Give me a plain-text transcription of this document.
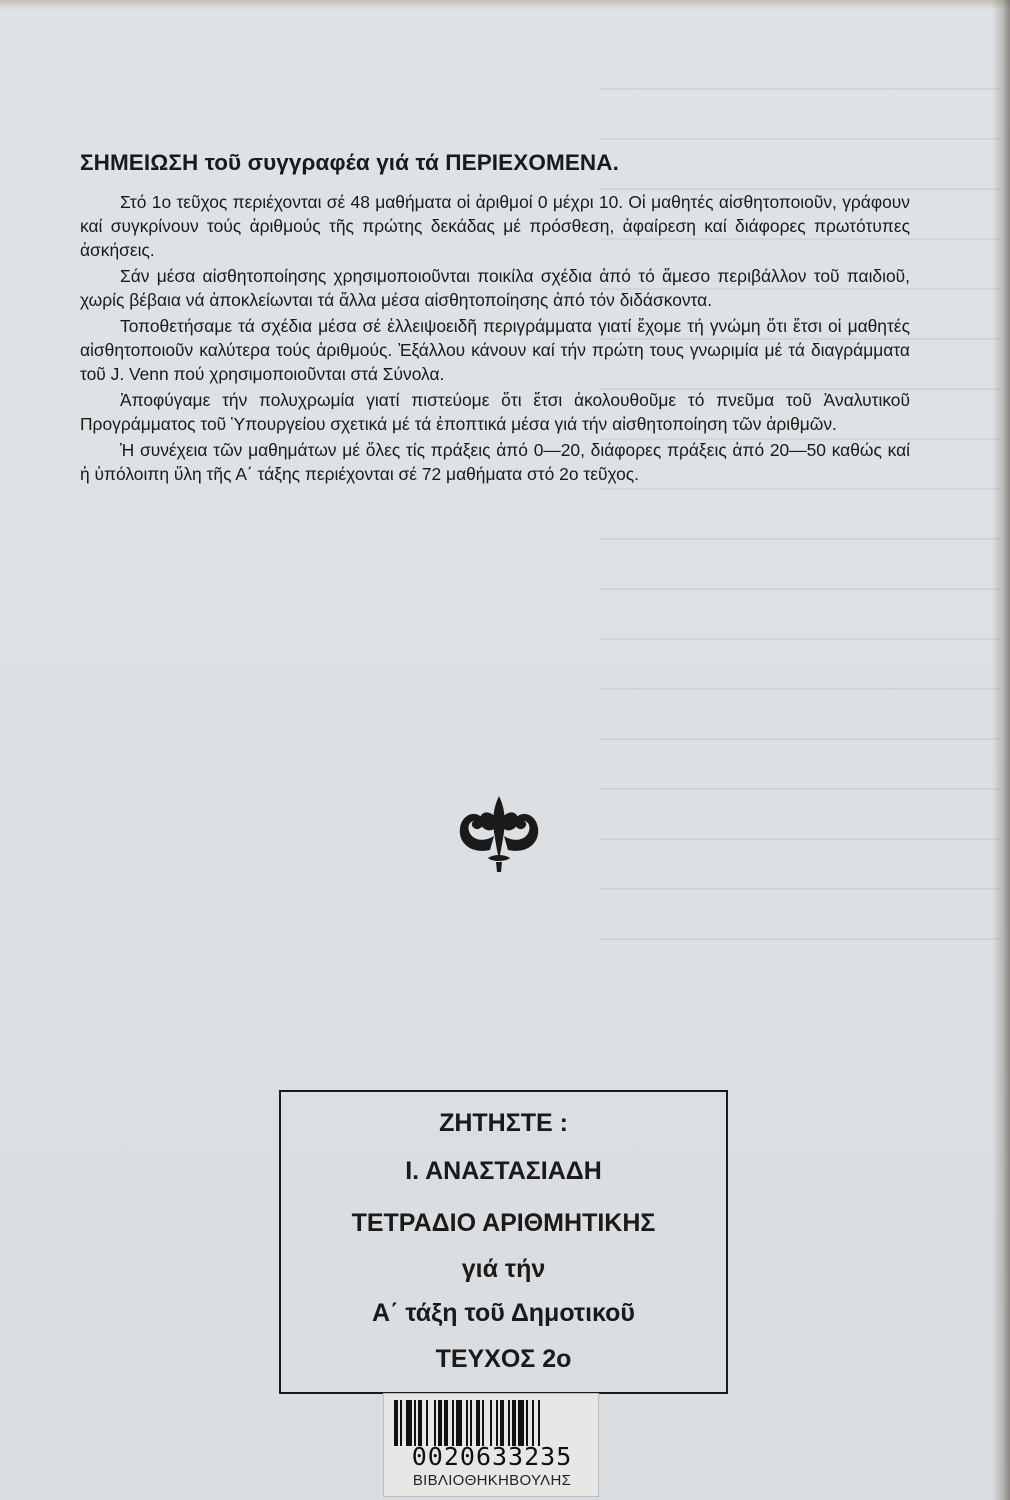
ΣΗΜΕΙΩΣΗ τοῦ συγγραφέα γιά τά ΠΕΡΙΕΧΟΜΕΝΑ.

Στό 1ο τεῦχος περιέχονται σέ 48 μαθήματα οἱ ἀριθμοί 0 μέχρι 10. Οἱ μαθητές αἰσθητοποιοῦν, γράφουν καί συγκρίνουν τούς ἀριθμούς τῆς πρώτης δεκάδας μέ πρόσθεση, ἀφαίρεση καί διάφορες πρωτότυπες ἀσκήσεις.

Σάν μέσα αἰσθητοποίησης χρησιμοποιοῦνται ποικίλα σχέδια ἀπό τό ἄμεσο περιβάλλον τοῦ παιδιοῦ, χωρίς βέβαια νά ἀποκλείωνται τά ἄλλα μέσα αἰσθητοποίησης ἀπό τόν διδάσκοντα.

Τοποθετήσαμε τά σχέδια μέσα σέ ἐλλειψοειδῆ περιγράμματα γιατί ἔχομε τή γνώμη ὅτι ἔτσι οἱ μαθητές αἰσθητοποιοῦν καλύτερα τούς ἀριθμούς. Ἐξάλλου κάνουν καί τήν πρώτη τους γνωριμία μέ τά διαγράμματα τοῦ J. Venn πού χρησιμοποιοῦνται στά Σύνολα.

Ἀποφύγαμε τήν πολυχρωμία γιατί πιστεύομε ὅτι ἔτσι ἀκολουθοῦμε τό πνεῦμα τοῦ Ἀναλυτικοῦ Προγράμματος τοῦ Ὑπουργείου σχετικά μέ τά ἐποπτικά μέσα γιά τήν αἰσθητοποίηση τῶν ἀριθμῶν.

Ἡ συνέχεια τῶν μαθημάτων μέ ὅλες τίς πράξεις ἀπό 0—20, διάφορες πράξεις ἀπό 20—50 καθώς καί ἡ ὑπόλοιπη ὕλη τῆς Α΄ τάξης περιέχονται σέ 72 μαθήματα στό 2ο τεῦχος.

ΖΗΤΗΣΤΕ :

Ι. ΑΝΑΣΤΑΣΙΑΔΗ

ΤΕΤΡΑΔΙΟ ΑΡΙΘΜΗΤΙΚΗΣ

γιά τήν

Α΄ τάξη τοῦ Δημοτικοῦ

ΤΕΥΧΟΣ 2ο

0020633235
ΒΙΒΛΙΟΘΗΚΗΒΟΥΛΗΣ
